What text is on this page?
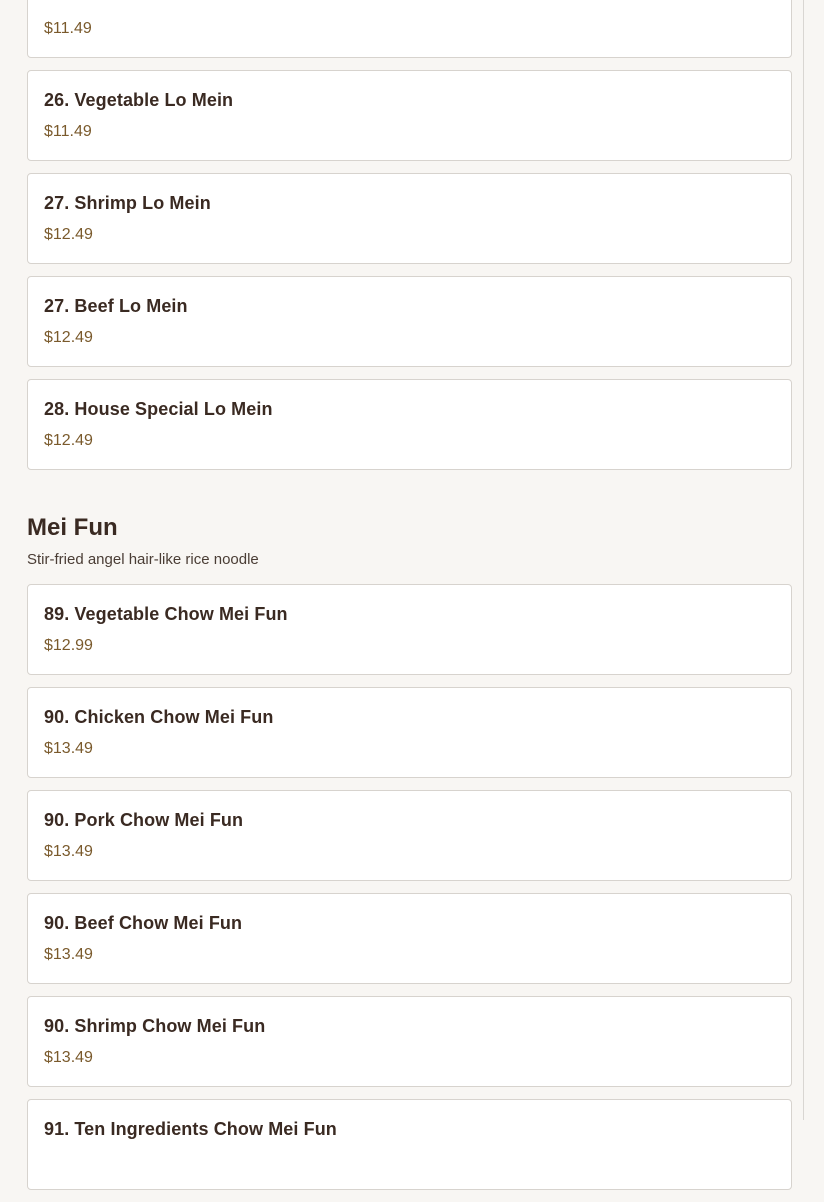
$11.49
26. Vegetable Lo Mein
$11.49
27. Shrimp Lo Mein
$12.49
27. Beef Lo Mein
$12.49
28. House Special Lo Mein
$12.49
Mei Fun
Stir-fried angel hair-like rice noodle
89. Vegetable Chow Mei Fun
$12.99
90. Chicken Chow Mei Fun
$13.49
90. Pork Chow Mei Fun
$13.49
90. Beef Chow Mei Fun
$13.49
90. Shrimp Chow Mei Fun
$13.49
91. Ten Ingredients Chow Mei Fun
